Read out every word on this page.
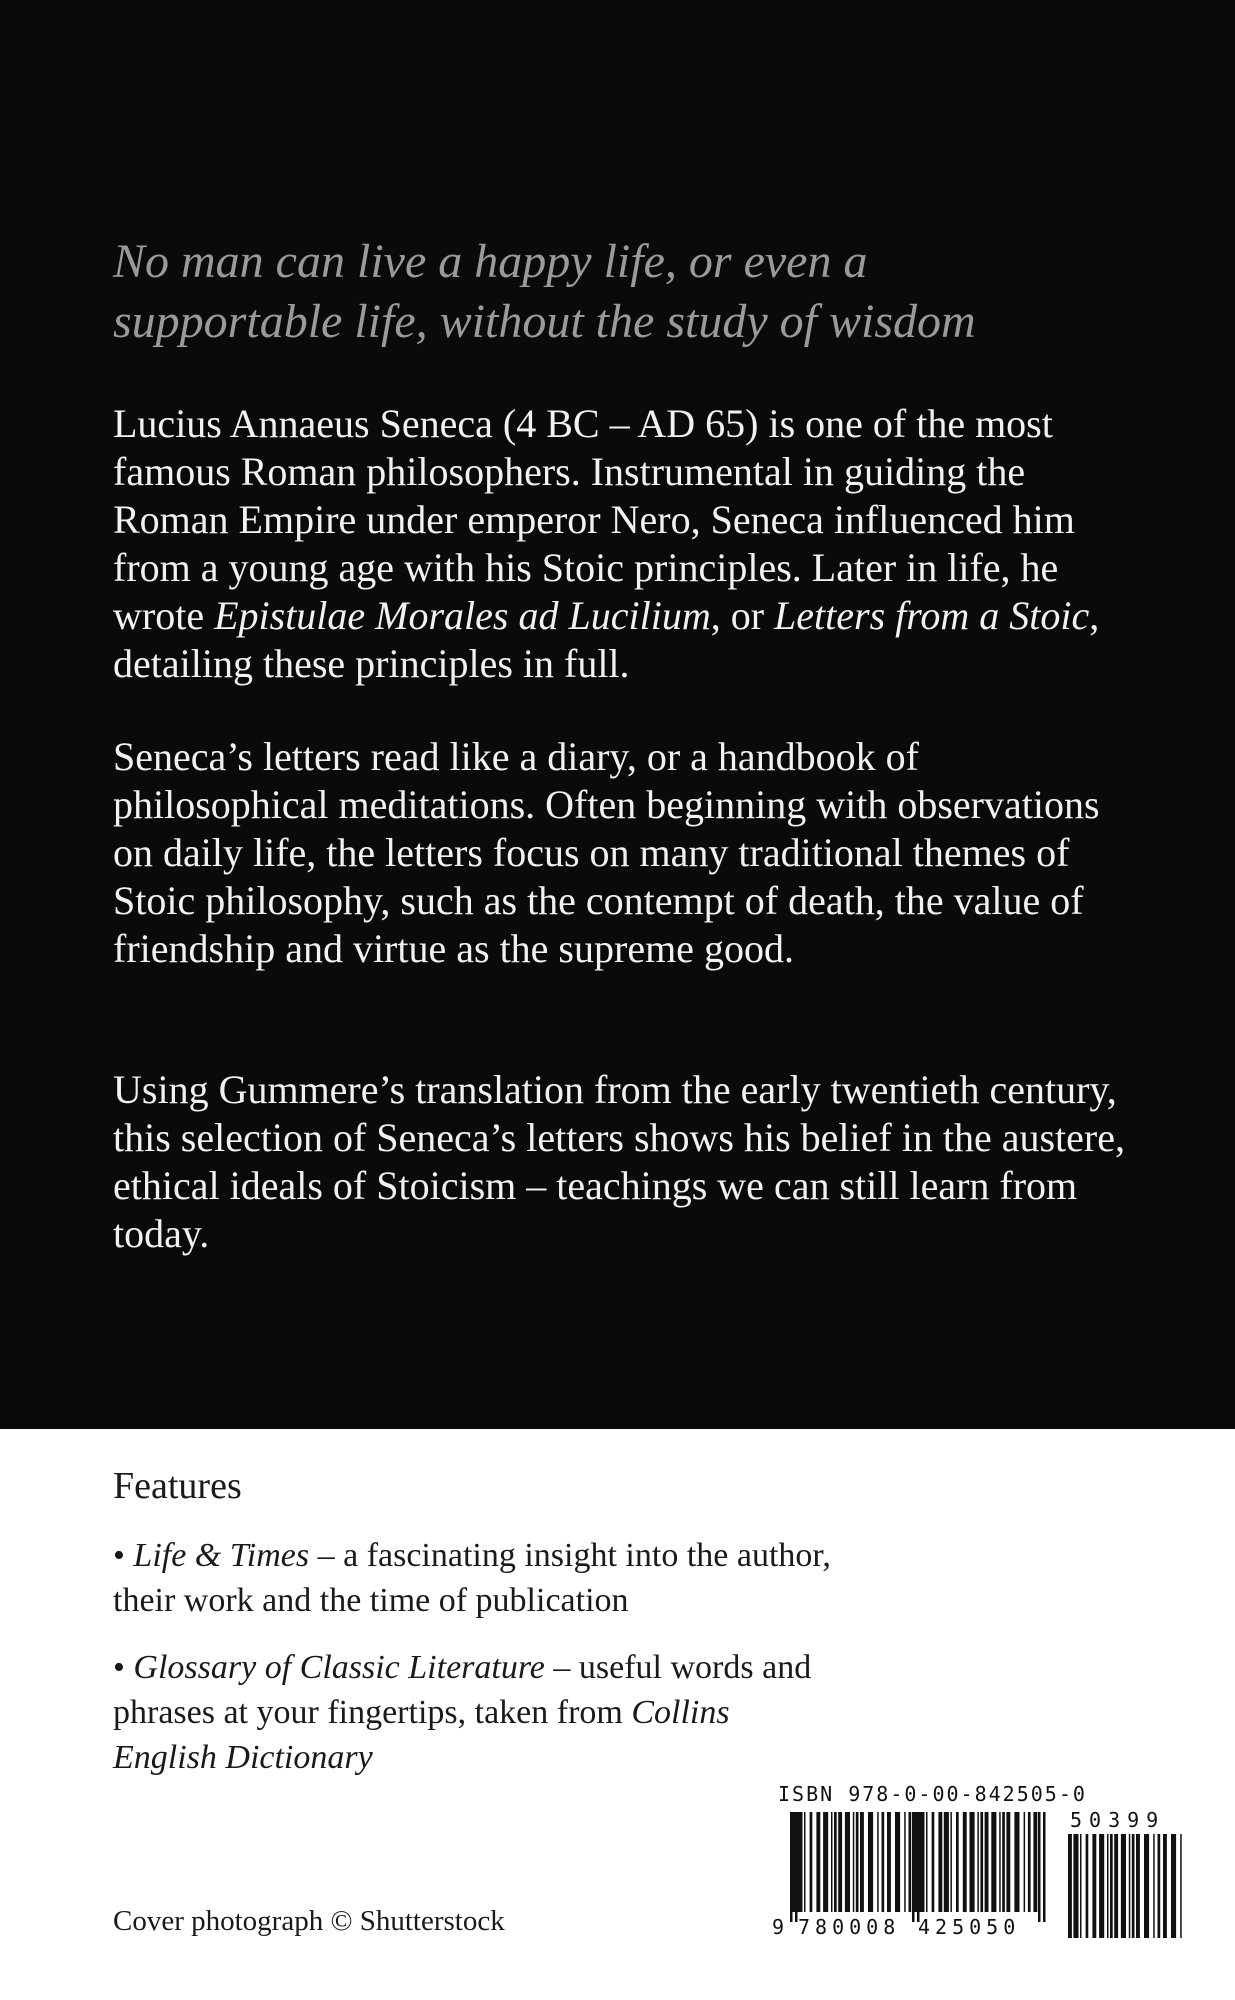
No man can live a happy life, or even a
supportable life, without the study of wisdom

Lucius Annaeus Seneca (4 BC – AD 65) is one of the most famous Roman philosophers. Instrumental in guiding the Roman Empire under emperor Nero, Seneca influenced him from a young age with his Stoic principles. Later in life, he wrote Epistulae Morales ad Lucilium, or Letters from a Stoic, detailing these principles in full.

Seneca’s letters read like a diary, or a handbook of philosophical meditations. Often beginning with observations on daily life, the letters focus on many traditional themes of Stoic philosophy, such as the contempt of death, the value of friendship and virtue as the supreme good.

Using Gummere’s translation from the early twentieth century, this selection of Seneca’s letters shows his belief in the austere, ethical ideals of Stoicism – teachings we can still learn from today.

Features

• Life & Times – a fascinating insight into the author, their work and the time of publication

• Glossary of Classic Literature – useful words and phrases at your fingertips, taken from Collins English Dictionary

Cover photograph © Shutterstock

ISBN 978-0-00-842505-0
9 780008 425050
50399
